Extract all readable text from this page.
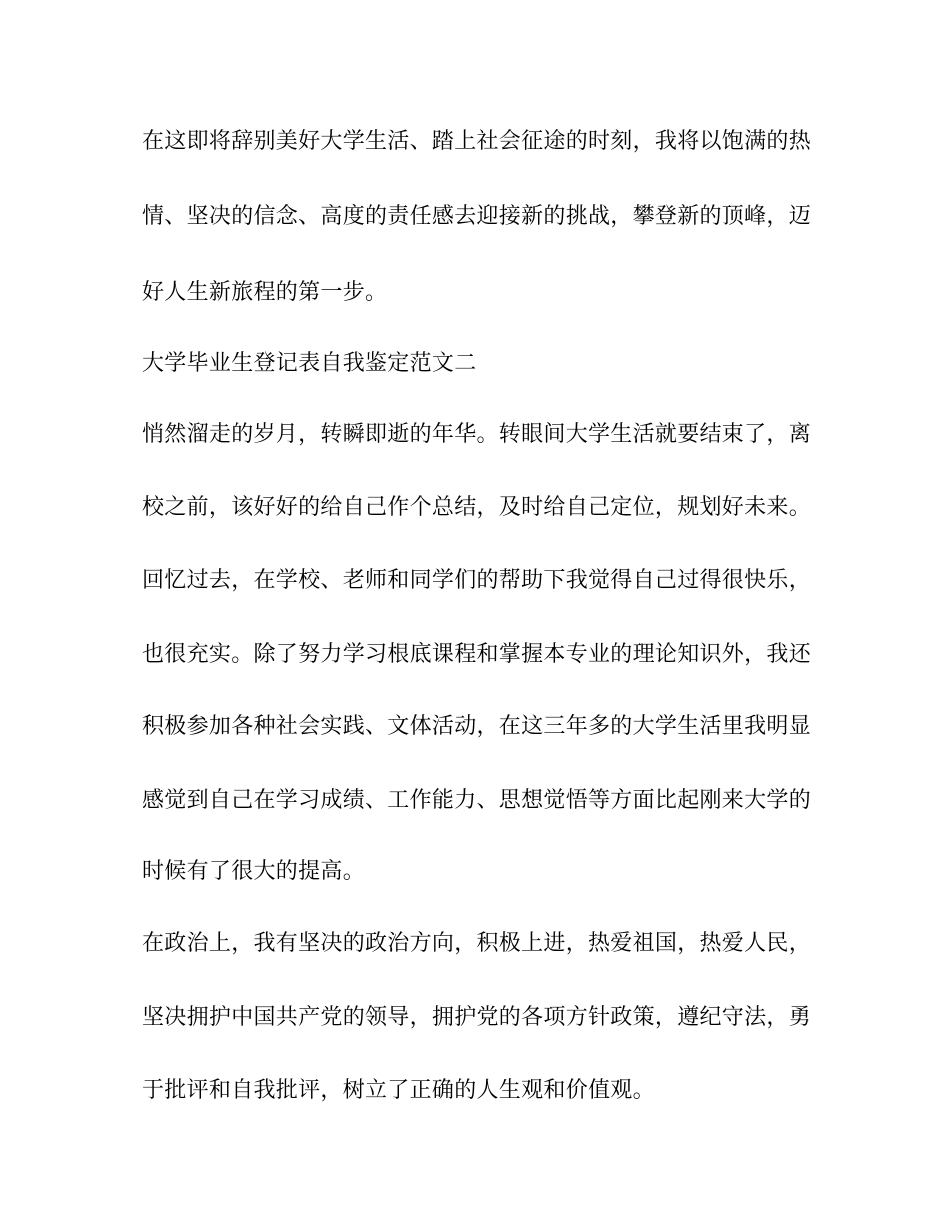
在这即将辞别美好大学生活、踏上社会征途的时刻，我将以饱满的热
情、坚决的信念、高度的责任感去迎接新的挑战，攀登新的顶峰，迈
好人生新旅程的第一步。
大学毕业生登记表自我鉴定范文二
悄然溜走的岁月，转瞬即逝的年华。转眼间大学生活就要结束了，离
校之前，该好好的给自己作个总结，及时给自己定位，规划好未来。
回忆过去，在学校、老师和同学们的帮助下我觉得自己过得很快乐，
也很充实。除了努力学习根底课程和掌握本专业的理论知识外，我还
积极参加各种社会实践、文体活动，在这三年多的大学生活里我明显
感觉到自己在学习成绩、工作能力、思想觉悟等方面比起刚来大学的
时候有了很大的提高。
在政治上，我有坚决的政治方向，积极上进，热爱祖国，热爱人民，
坚决拥护中国共产党的领导，拥护党的各项方针政策，遵纪守法，勇
于批评和自我批评，树立了正确的人生观和价值观。
